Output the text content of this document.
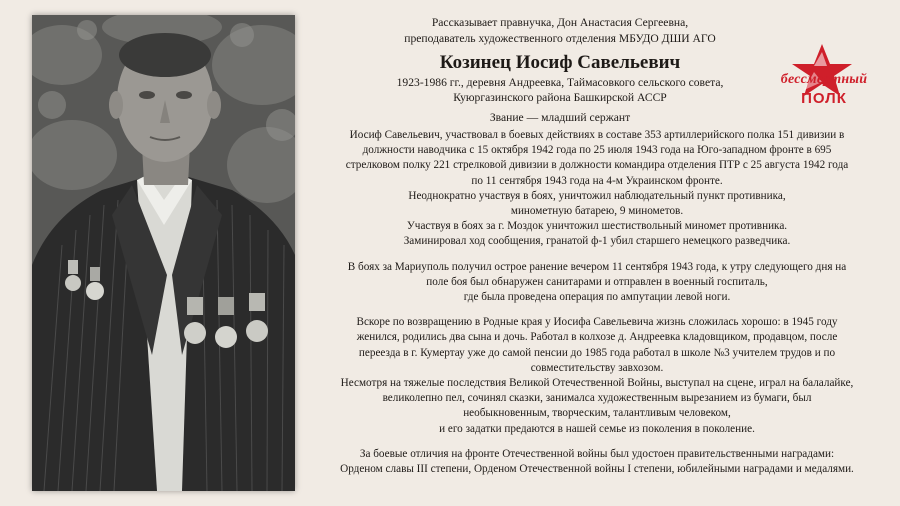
бессмертный
ПОЛК
Рассказывает правнучка, Дон Анастасия Сергеевна,
преподаватель художественного отделения МБУДО ДШИ АГО
Козинец Иосиф Савельевич
1923-1986 гг., деревня Андреевка, Таймасовкого сельского совета,
Куюргазинского района Башкирской АССР
Звание — младший сержант
Иосиф Савельевич, участвовал в боевых действиях в составе 353 артиллерийского полка 151 дивизии в
должности наводчика с 15 октября 1942 года по 25 июля 1943 года на Юго-западном фронте в 695
стрелковом полку 221 стрелковой дивизии в должности командира отделения ПТР с 25 августа 1942 года
по 11 сентября 1943 года на 4-м Украинском фронте.
Неоднократно участвуя в боях, уничтожил наблюдательный пункт противника,
минометную батарею, 9 минометов.
Участвуя в боях за г. Моздок уничтожил шестиствольный миномет противника.
Заминировал ход сообщения, гранатой ф-1 убил старшего немецкого разведчика.
В боях за Мариуполь получил острое ранение вечером 11 сентября 1943 года, к утру следующего дня на
поле боя был обнаружен санитарами и отправлен в военный госпиталь,
где была проведена операция по ампутации левой ноги.
Вскоре по возвращению в Родные края у Иосифа Савельевича жизнь сложилась хорошо: в 1945 году
женился, родились два сына и дочь. Работал в колхозе д. Андреевка кладовщиком, продавцом, после
переезда в г. Кумертау уже до самой пенсии до 1985 года работал в школе №3 учителем трудов и по
совместительству завхозом.
Несмотря на тяжелые последствия Великой Отечественной Войны, выступал на сцене, играл на балалайке,
великолепно пел, сочинял сказки, занималса художественным вырезанием из бумаги, был
необыкновенным, творческим, талантливым человеком,
и его задатки предаются в нашей семье из поколения в поколение.
За боевые отличия на фронте Отечественной войны был удостоен правительственными наградами:
Орденом славы III степени, Орденом Отечественной войны I степени, юбилейными наградами и медалями.
